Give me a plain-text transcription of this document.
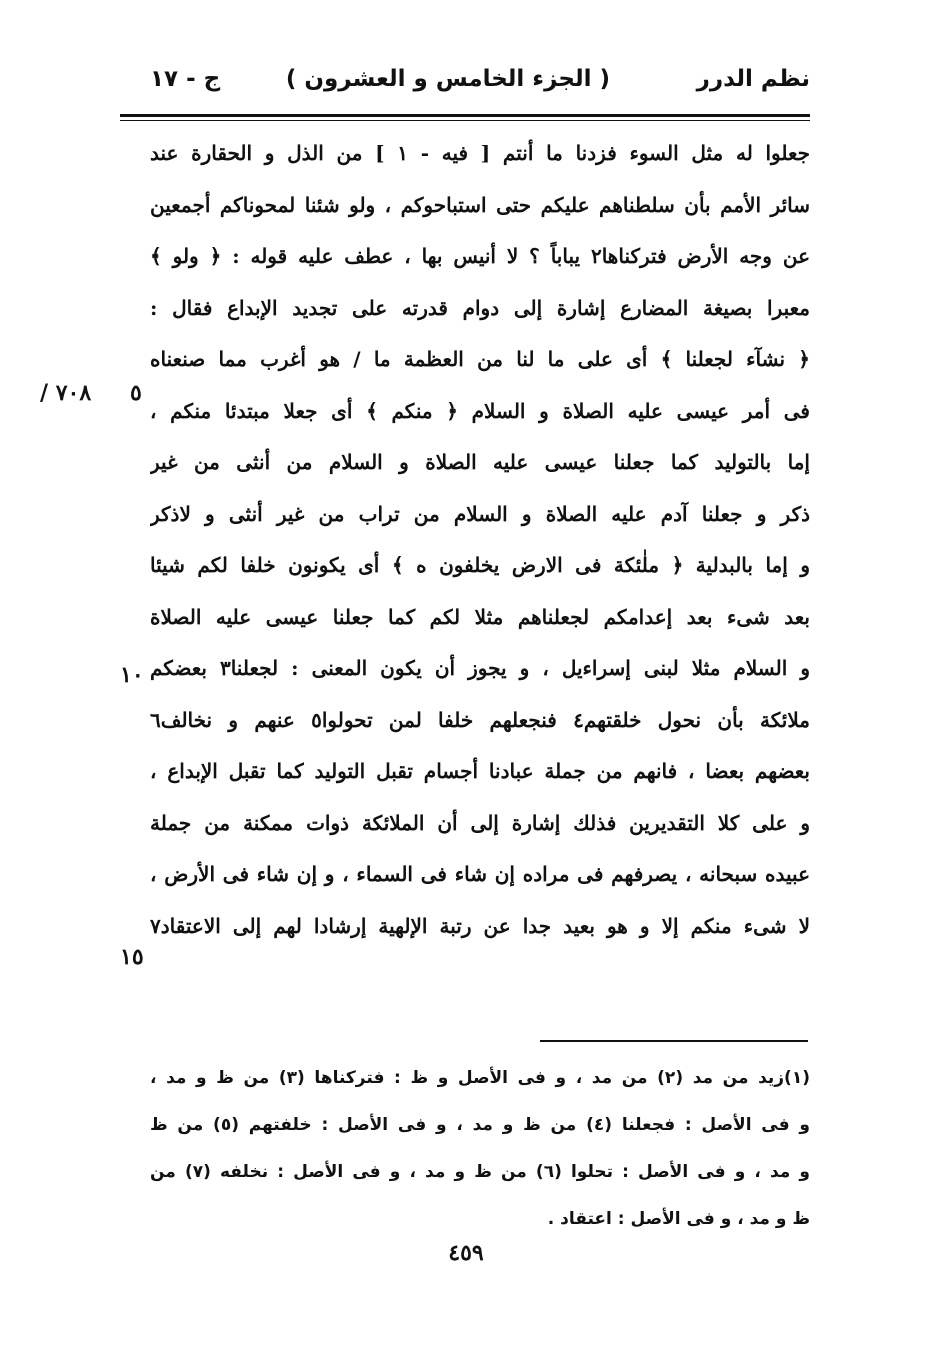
نظم الدرر
( الجزء الخامس و العشرون )
ج - ١٧
جعلوا له مثل السوء فزدنا ما أنتم [ فيه - ١ ] من الذل و الحقارة عند
سائر الأمم بأن سلطناهم عليكم حتى استباحوكم ، ولو شئنا لمحوناكم أجمعين
عن وجه الأرض فتركناها٢ يباباً ؟ لا أنيس بها ، عطف عليه قوله : ﴿ ولو ﴾
معبرا بصيغة المضارع إشارة إلى دوام قدرته على تجديد الإبداع فقال :
﴿ نشآء لجعلنا ﴾ أى على ما لنا من العظمة ما / هو أغرب مما صنعناه
فى أمر عيسى عليه الصلاة و السلام ﴿ منكم ﴾ أى جعلا مبتدئا منكم ،
إما بالتوليد كما جعلنا عيسى عليه الصلاة و السلام من أنثى من غير
ذكر و جعلنا آدم عليه الصلاة و السلام من تراب من غير أنثى و لاذكر
و إما بالبدلية ﴿ ملٰئكة فى الارض يخلفون ه ﴾ أى يكونون خلفا لكم شيئا
بعد شىء بعد إعدامكم لجعلناهم مثلا لكم كما جعلنا عيسى عليه الصلاة
و السلام مثلا لبنى إسراءيل ، و يجوز أن يكون المعنى : لجعلنا٣ بعضكم
ملائكة بأن نحول خلقتهم٤ فنجعلهم خلفا لمن تحولوا٥ عنهم و نخالف٦
بعضهم بعضا ، فانهم من جملة عبادنا أجسام تقبل التوليد كما تقبل الإبداع ،
و على كلا التقديرين فذلك إشارة إلى أن الملائكة ذوات ممكنة من جملة
عبيده سبحانه ، يصرفهم فى مراده إن شاء فى السماء ، و إن شاء فى الأرض ،
لا شىء منكم إلا و هو بعيد جدا عن رتبة الإلهية إرشادا لهم إلى الاعتقاد٧
٥
٧٠٨ /
١٠
١٥
(١)زيد من مد (٢) من مد ، و فى الأصل و ظ : فتركناها (٣) من ظ و مد ،
و فى الأصل : فجعلنا (٤) من ظ و مد ، و فى الأصل : خلفتهم (٥) من ظ
و مد ، و فى الأصل : تحلوا (٦) من ظ و مد ، و فى الأصل : نخلفه (٧) من
ظ و مد ، و فى الأصل : اعتقاد .
٤٥٩
